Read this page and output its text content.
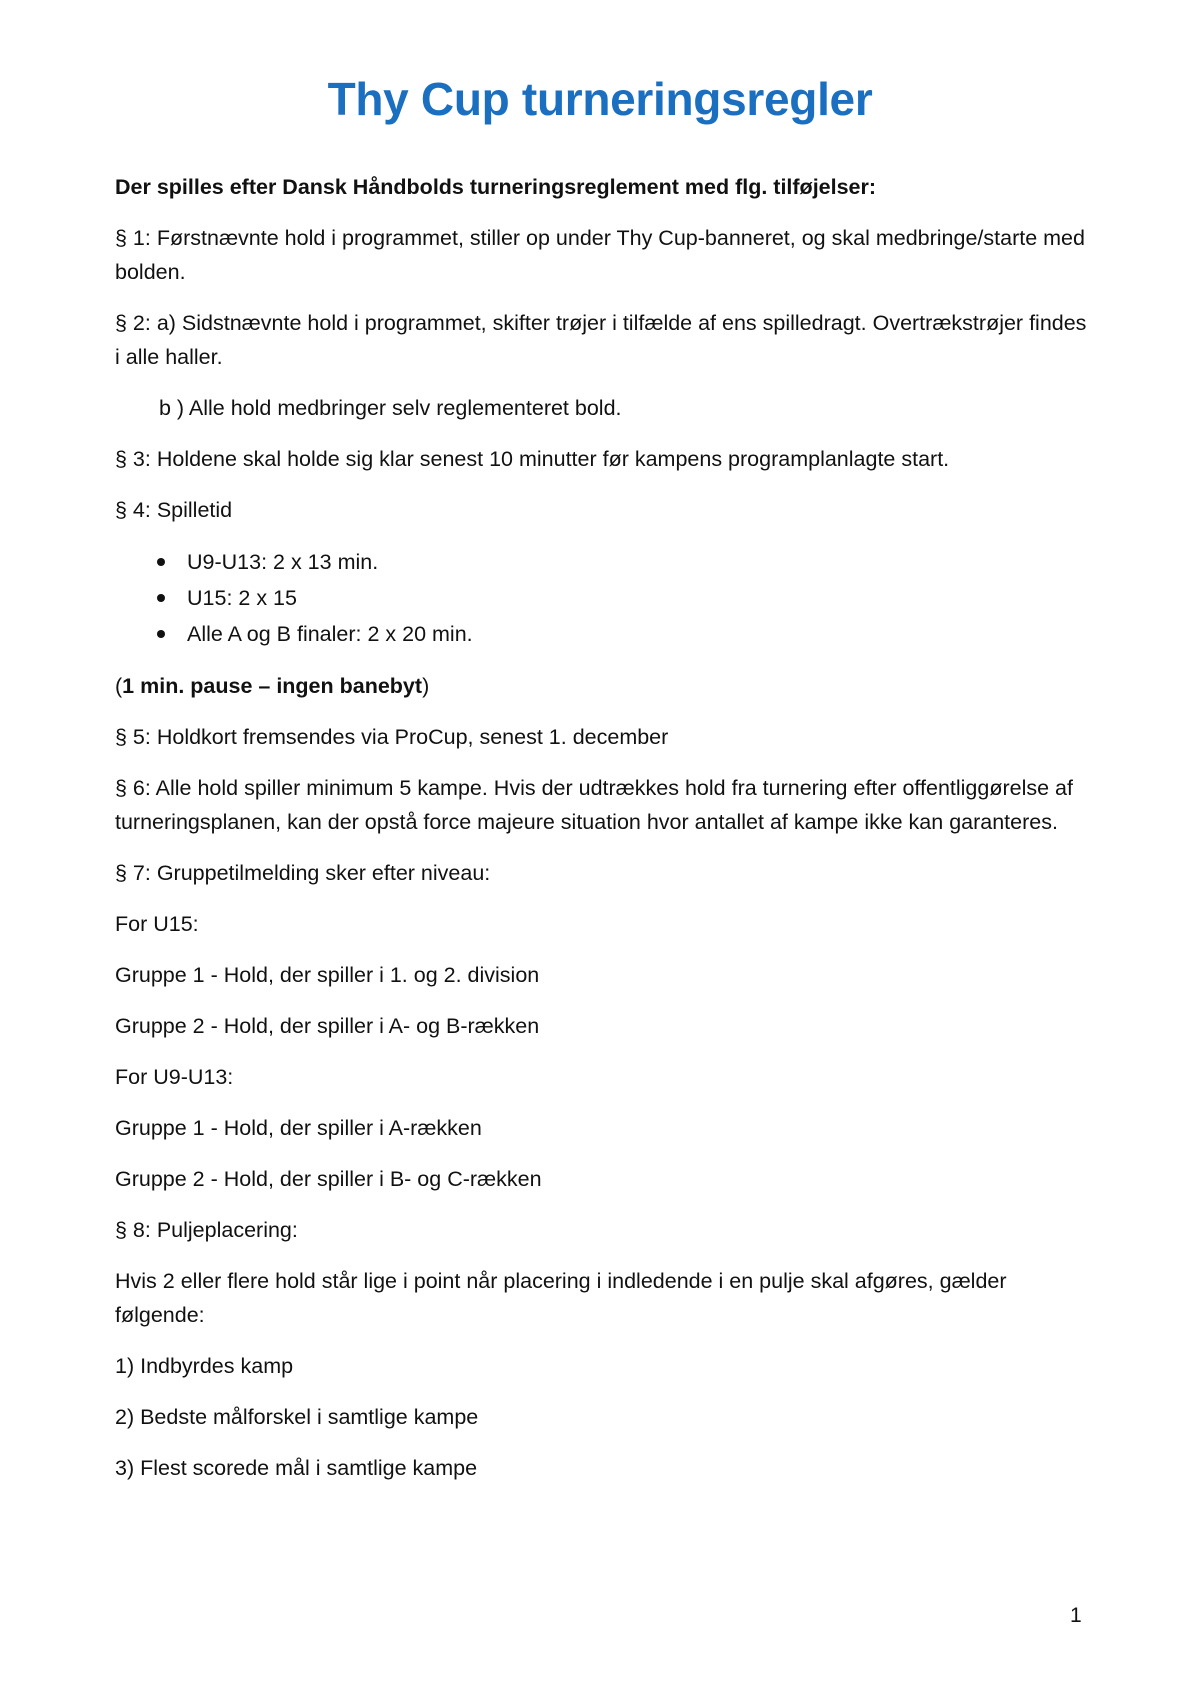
Thy Cup turneringsregler

Der spilles efter Dansk Håndbolds turneringsreglement med flg. tilføjelser:

§ 1: Førstnævnte hold i programmet, stiller op under Thy Cup-banneret, og skal medbringe/starte med bolden.

§ 2: a) Sidstnævnte hold i programmet, skifter trøjer i tilfælde af ens spilledragt. Overtrækstrøjer findes i alle haller.

b ) Alle hold medbringer selv reglementeret bold.

§ 3: Holdene skal holde sig klar senest 10 minutter før kampens programplanlagte start.

§ 4: Spilletid

U9-U13: 2 x 13 min.
U15: 2 x 15
Alle A og B finaler: 2 x 20 min.

(1 min. pause – ingen banebyt)

§ 5: Holdkort fremsendes via ProCup, senest 1. december

§ 6: Alle hold spiller minimum 5 kampe. Hvis der udtrækkes hold fra turnering efter offentliggørelse af turneringsplanen, kan der opstå force majeure situation hvor antallet af kampe ikke kan garanteres.

§ 7: Gruppetilmelding sker efter niveau:

For U15:

Gruppe 1 - Hold, der spiller i 1. og 2. division

Gruppe 2 - Hold, der spiller i A- og B-rækken

For U9-U13:

Gruppe 1 - Hold, der spiller i A-rækken

Gruppe 2 - Hold, der spiller i B- og C-rækken

§ 8: Puljeplacering:

Hvis 2 eller flere hold står lige i point når placering i indledende i en pulje skal afgøres, gælder følgende:

1) Indbyrdes kamp

2) Bedste målforskel i samtlige kampe

3) Flest scorede mål i samtlige kampe

1
